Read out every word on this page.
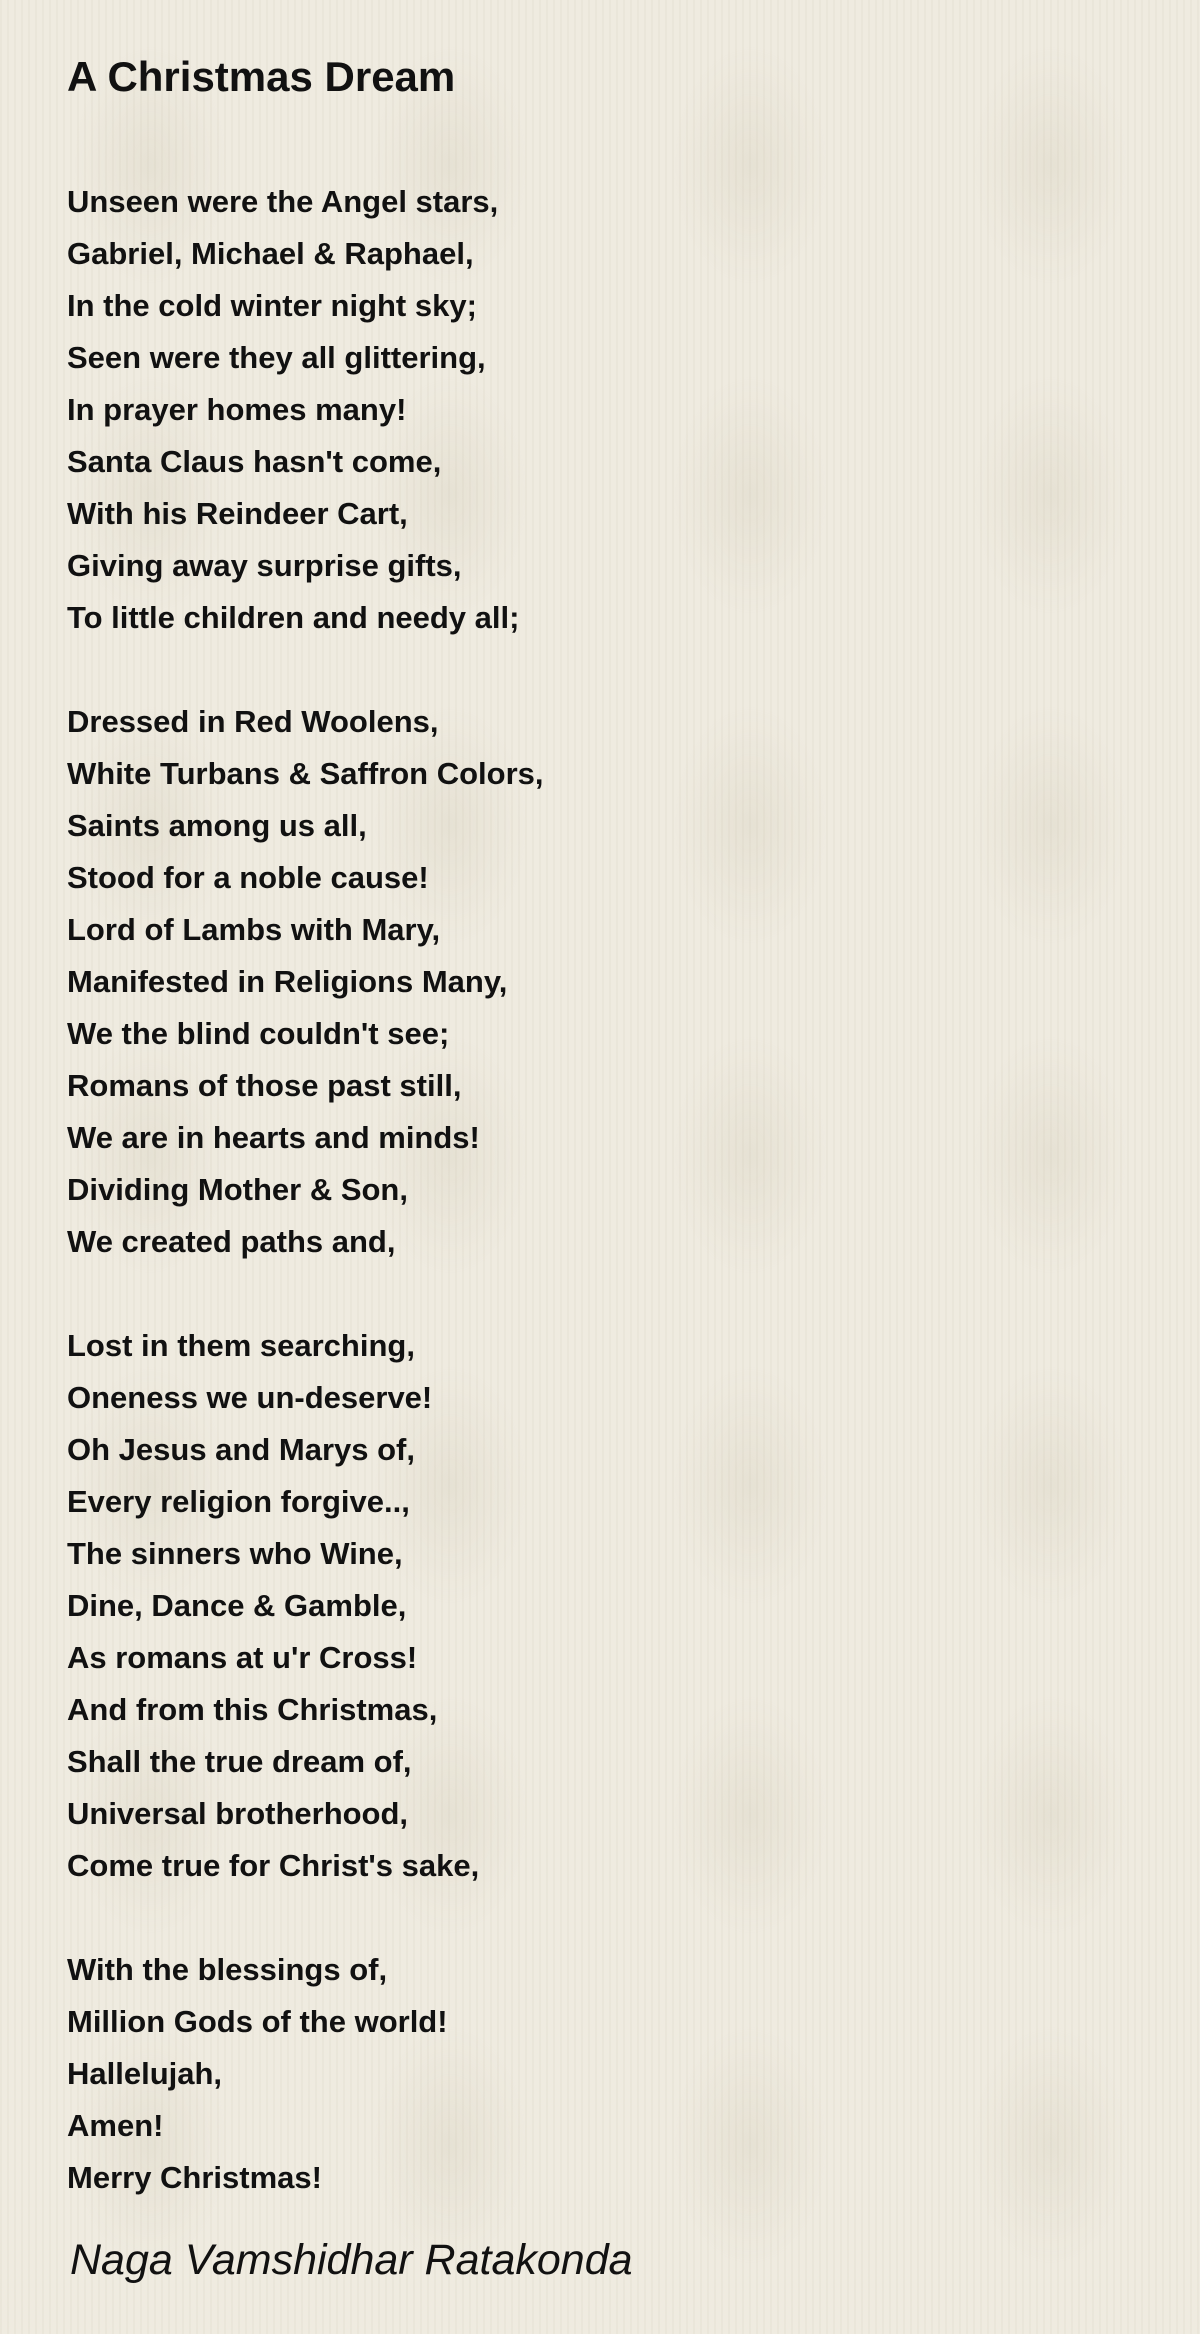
A Christmas Dream
Unseen were the Angel stars,
Gabriel, Michael & Raphael,
In the cold winter night sky;
Seen were they all glittering,
In prayer homes many!
Santa Claus hasn't come,
With his Reindeer Cart,
Giving away surprise gifts,
To little children and needy all;
Dressed in Red Woolens,
White Turbans & Saffron Colors,
Saints among us all,
Stood for a noble cause!
Lord of Lambs with Mary,
Manifested in Religions Many,
We the blind couldn't see;
Romans of those past still,
We are in hearts and minds!
Dividing Mother & Son,
We created paths and,
Lost in them searching,
Oneness we un-deserve!
Oh Jesus and Marys of,
Every religion forgive..,
The sinners who Wine,
Dine, Dance & Gamble,
As romans at u'r Cross!
And from this Christmas,
Shall the true dream of,
Universal brotherhood,
Come true for Christ's sake,
With the blessings of,
Million Gods of the world!
Hallelujah,
Amen!
Merry Christmas!

Naga Vamshidhar Ratakonda
